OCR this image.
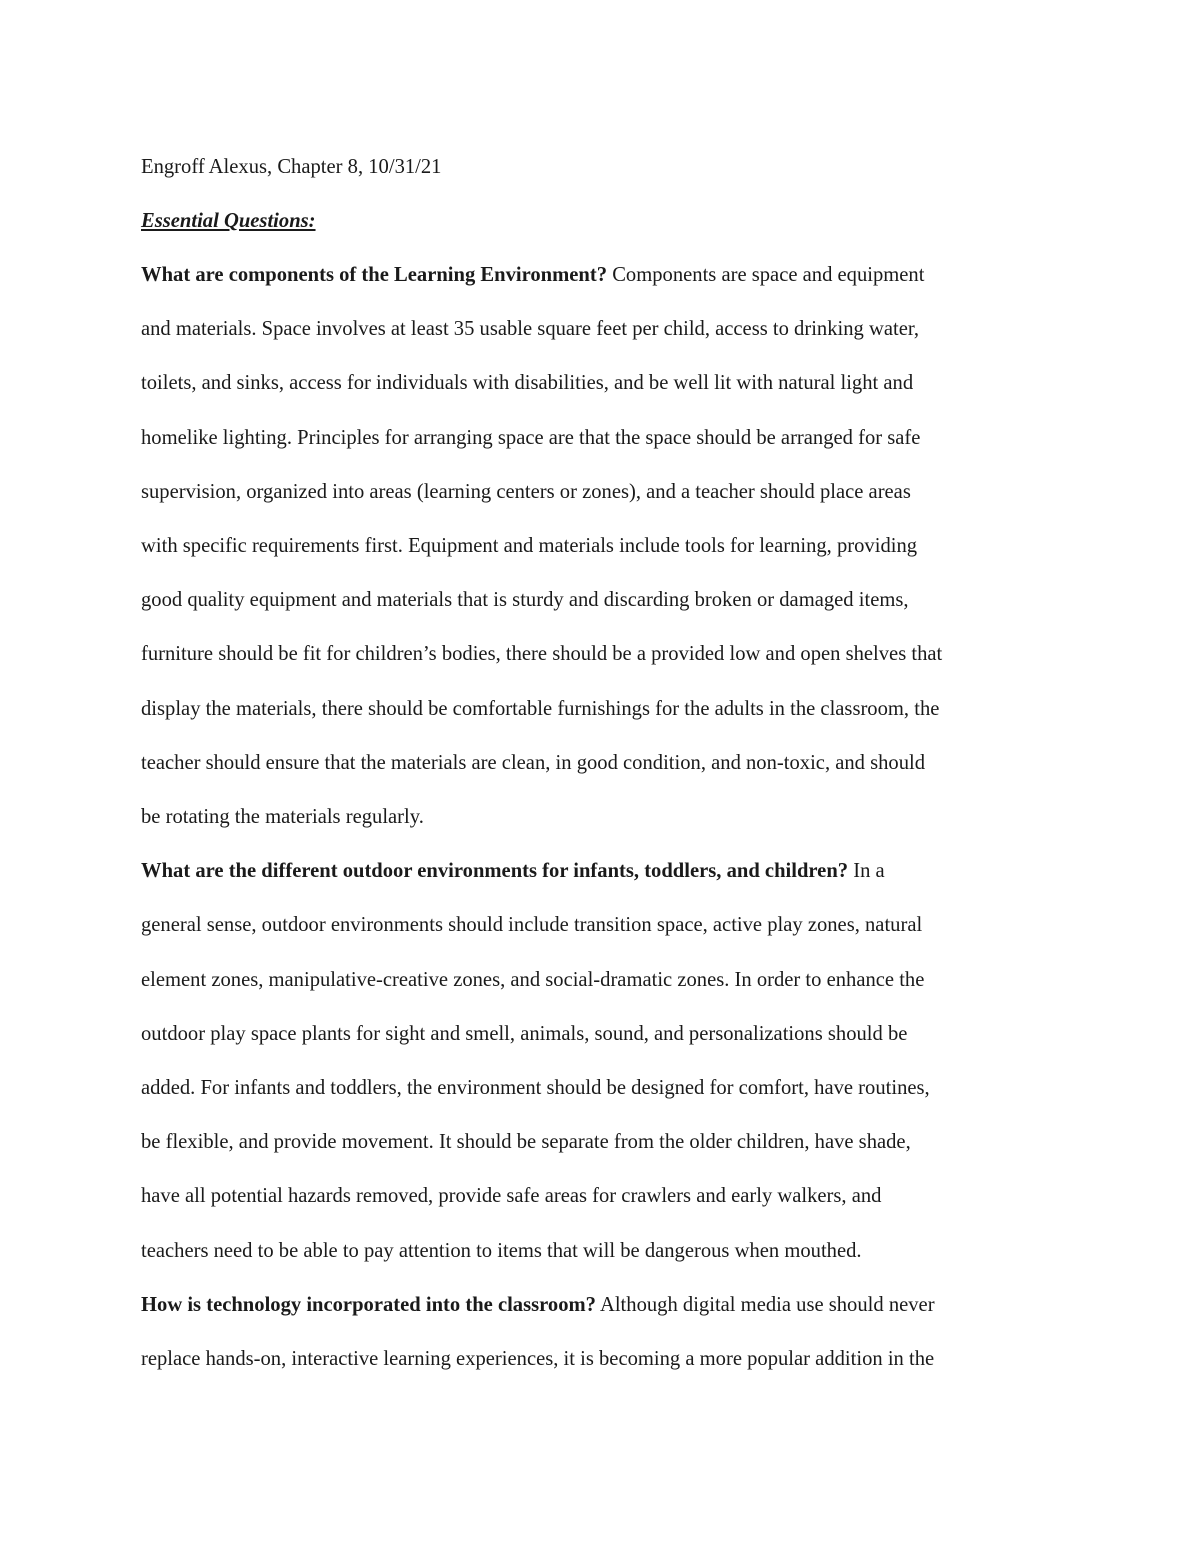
Engroff Alexus, Chapter 8, 10/31/21

Essential Questions:

What are components of the Learning Environment? Components are space and equipment
and materials. Space involves at least 35 usable square feet per child, access to drinking water,
toilets, and sinks, access for individuals with disabilities, and be well lit with natural light and
homelike lighting. Principles for arranging space are that the space should be arranged for safe
supervision, organized into areas (learning centers or zones), and a teacher should place areas
with specific requirements first. Equipment and materials include tools for learning, providing
good quality equipment and materials that is sturdy and discarding broken or damaged items,
furniture should be fit for children’s bodies, there should be a provided low and open shelves that
display the materials, there should be comfortable furnishings for the adults in the classroom, the
teacher should ensure that the materials are clean, in good condition, and non-toxic, and should
be rotating the materials regularly.
What are the different outdoor environments for infants, toddlers, and children? In a
general sense, outdoor environments should include transition space, active play zones, natural
element zones, manipulative-creative zones, and social-dramatic zones. In order to enhance the
outdoor play space plants for sight and smell, animals, sound, and personalizations should be
added. For infants and toddlers, the environment should be designed for comfort, have routines,
be flexible, and provide movement. It should be separate from the older children, have shade,
have all potential hazards removed, provide safe areas for crawlers and early walkers, and
teachers need to be able to pay attention to items that will be dangerous when mouthed.
How is technology incorporated into the classroom? Although digital media use should never
replace hands-on, interactive learning experiences, it is becoming a more popular addition in the
